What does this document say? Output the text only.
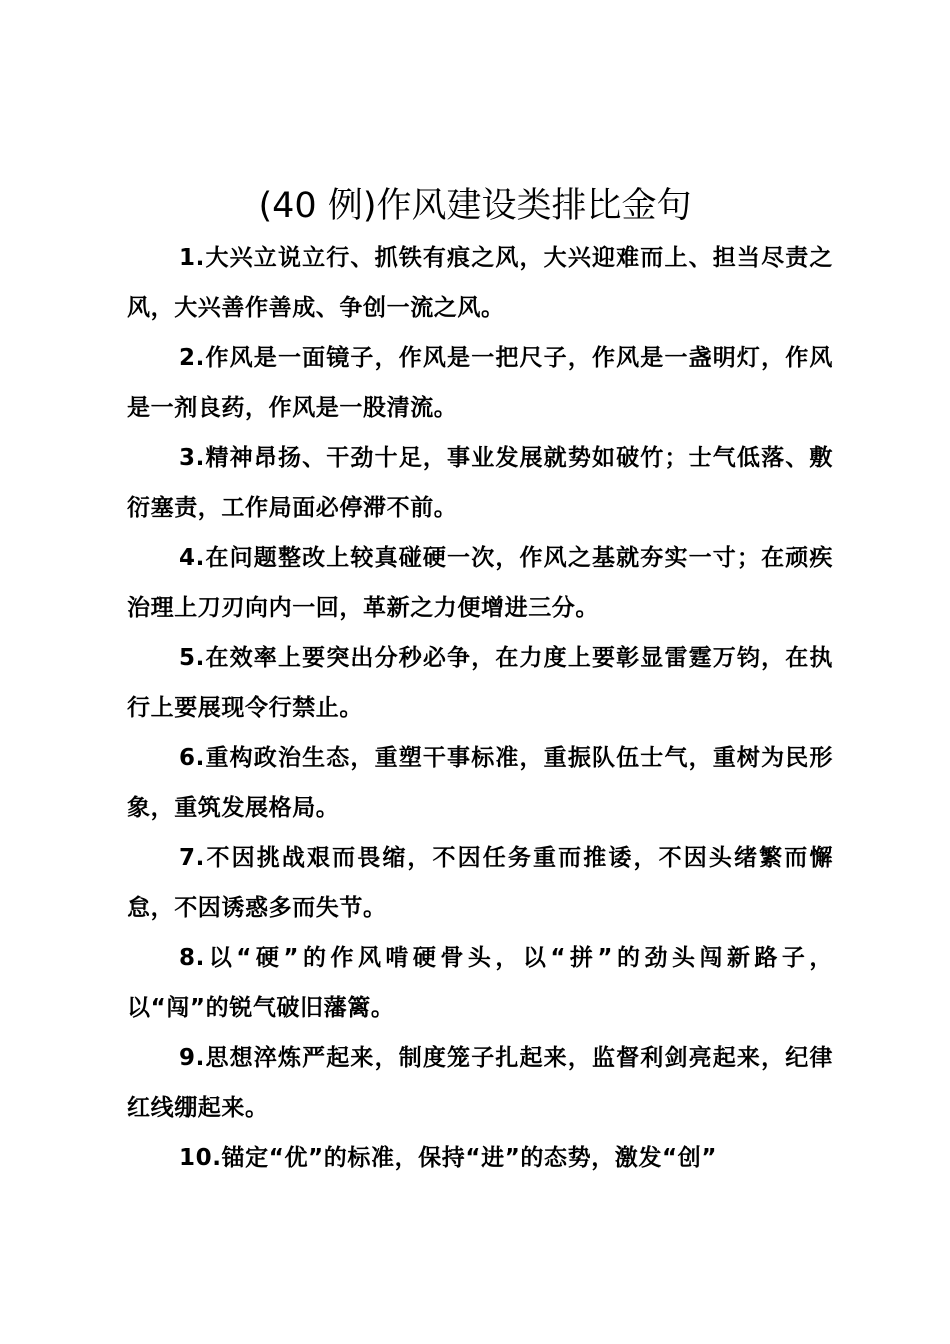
(40 例)作风建设类排比金句

1.大兴立说立行、抓铁有痕之风，大兴迎难而上、担当尽责之风，大兴善作善成、争创一流之风。

2.作风是一面镜子，作风是一把尺子，作风是一盏明灯，作风是一剂良药，作风是一股清流。

3.精神昂扬、干劲十足，事业发展就势如破竹；士气低落、敷衍塞责，工作局面必停滞不前。

4.在问题整改上较真碰硬一次，作风之基就夯实一寸；在顽疾治理上刀刃向内一回，革新之力便增进三分。

5.在效率上要突出分秒必争，在力度上要彰显雷霆万钧，在执行上要展现令行禁止。

6.重构政治生态，重塑干事标准，重振队伍士气，重树为民形象，重筑发展格局。

7.不因挑战艰而畏缩，不因任务重而推诿，不因头绪繁而懈怠，不因诱惑多而失节。

8.以“硬”的作风啃硬骨头，以“拼”的劲头闯新路子，以“闯”的锐气破旧藩篱。

9.思想淬炼严起来，制度笼子扎起来，监督利剑亮起来，纪律红线绷起来。

10.锚定“优”的标准，保持“进”的态势，激发“创”
